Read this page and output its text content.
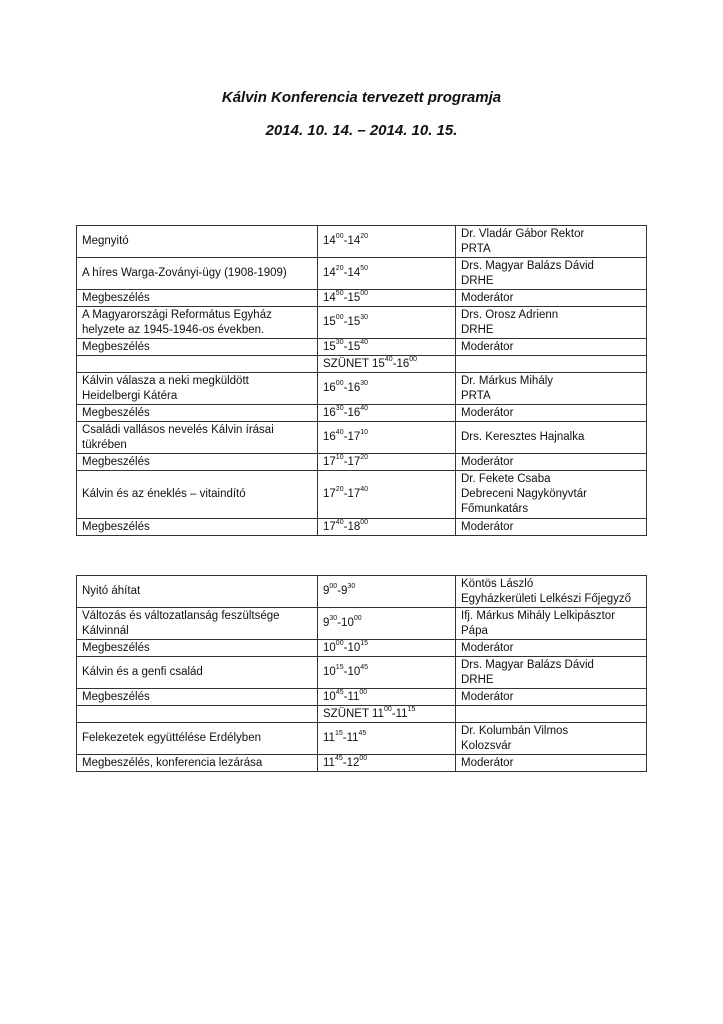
Kálvin Konferencia tervezett programja
2014. 10. 14. – 2014. 10. 15.
Megnyitó	$14^{00}-14^{20}$	Dr. Vladár Gábor Rektor
PRTA

A híres Warga-Zoványi-ügy (1908-1909)	$14^{20}-14^{50}$	Drs. Magyar Balázs Dávid
DRHE

Megbeszélés	$14^{50}-15^{00}$	Moderátor

A Magyarországi Református Egyház
helyzete az 1945-1946-os években.	$15^{00}-15^{30}$	Drs. Orosz Adrienn
DRHE

Megbeszélés	$15^{30}-15^{40}$	Moderátor

	SZÜNET $15^{40}-16^{00}$	

Kálvin válasza a neki megküldött
Heidelbergi Kátéra	$16^{00}-16^{30}$	Dr. Márkus Mihály
PRTA

Megbeszélés	$16^{30}-16^{40}$	Moderátor

Családi vallásos nevelés Kálvin írásai
tükrében	$16^{40}-17^{10}$	Drs. Keresztes Hajnalka

Megbeszélés	$17^{10}-17^{20}$	Moderátor

Kálvin és az éneklés – vitaindító	$17^{20}-17^{40}$	Dr. Fekete Csaba
Debreceni Nagykönyvtár
Főmunkatárs

Megbeszélés	$17^{40}-18^{00}$	Moderátor
Nyitó áhítat	$9^{00}-9^{30}$	Köntös László
Egyházkerületi Lelkészi Főjegyző

Változás és változatlanság feszültsége
Kálvinnál	$9^{30}-10^{00}$	Ifj. Márkus Mihály Lelkipásztor
Pápa

Megbeszélés	$10^{00}-10^{15}$	Moderátor

Kálvin és a genfi család	$10^{15}-10^{45}$	Drs. Magyar Balázs Dávid
DRHE

Megbeszélés	$10^{45}-11^{00}$	Moderátor

	SZÜNET $11^{00}-11^{15}$	

Felekezetek együttélése Erdélyben	$11^{15}-11^{45}$	Dr. Kolumbán Vilmos
Kolozsvár

Megbeszélés, konferencia lezárása	$11^{45}-12^{00}$	Moderátor
